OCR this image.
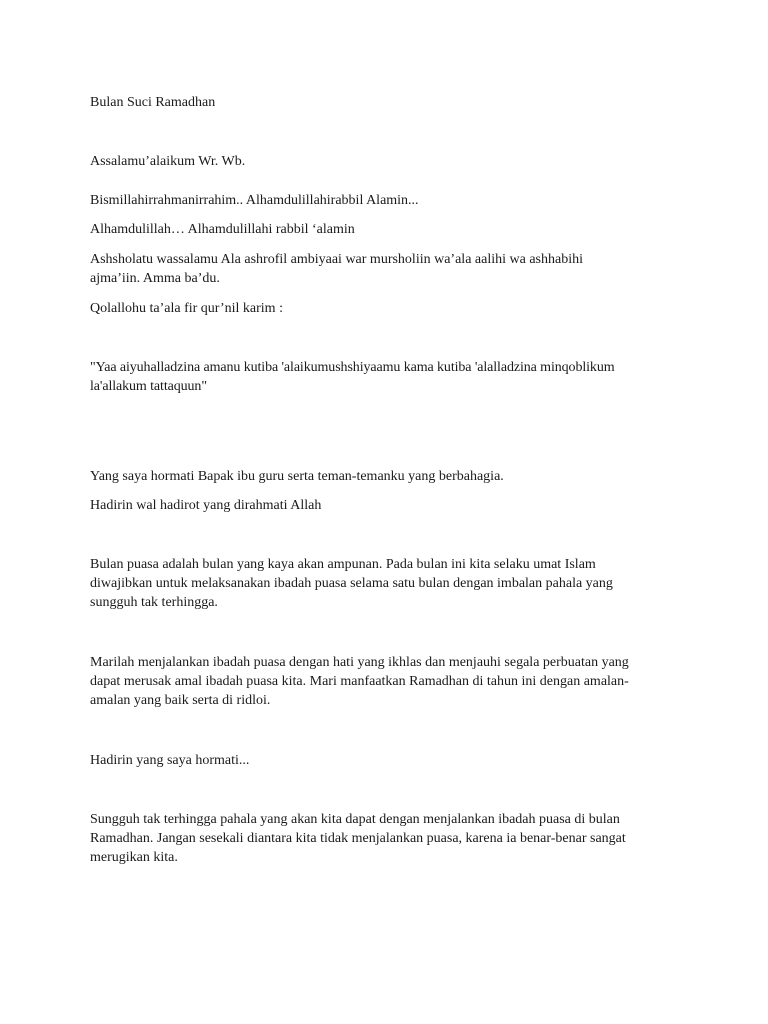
Bulan Suci Ramadhan
Assalamu’alaikum Wr. Wb.
Bismillahirrahmanirrahim.. Alhamdulillahirabbil Alamin...
Alhamdulillah… Alhamdulillahi rabbil ‘alamin
Ashsholatu wassalamu Ala ashrofil ambiyaai war mursholiin wa’ala aalihi wa ashhabihi
ajma’iin. Amma ba’du.
Qolallohu ta’ala fir qur’nil karim :
"Yaa aiyuhalladzina amanu kutiba 'alaikumushshiyaamu kama kutiba 'alalladzina minqoblikum
la'allakum tattaquun"
Yang saya hormati Bapak ibu guru serta teman-temanku yang berbahagia.
Hadirin wal hadirot yang dirahmati Allah
Bulan puasa adalah bulan yang kaya akan ampunan. Pada bulan ini kita selaku umat Islam
diwajibkan untuk melaksanakan ibadah puasa selama satu bulan dengan imbalan pahala yang
sungguh tak terhingga.
Marilah menjalankan ibadah puasa dengan hati yang ikhlas dan menjauhi segala perbuatan yang
dapat merusak amal ibadah puasa kita. Mari manfaatkan Ramadhan di tahun ini dengan amalan-
amalan yang baik serta di ridloi.
Hadirin yang saya hormati...
Sungguh tak terhingga pahala yang akan kita dapat dengan menjalankan ibadah puasa di bulan
Ramadhan. Jangan sesekali diantara kita tidak menjalankan puasa, karena ia benar-benar sangat
merugikan kita.
